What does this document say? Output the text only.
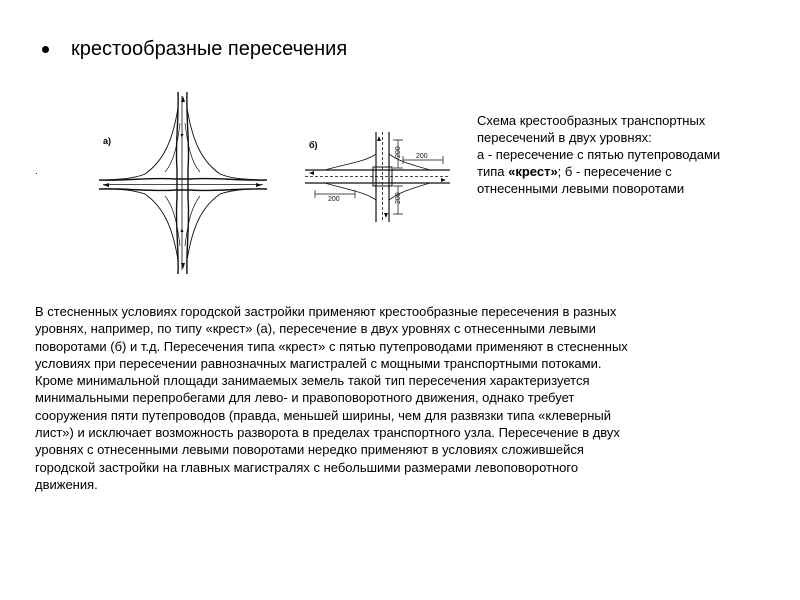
крестообразные пересечения
.
а)	б)
200
200
200
200
Схема крестообразных транспортных
пересечений в двух уровнях:
а - пересечение с пятью путепроводами
типа «крест»; б - пересечение с
отнесенными левыми поворотами
В стесненных условиях городской застройки применяют крестообразные пересечения в разных
уровнях, например, по типу «крест» (а), пересечение в двух уровнях с отнесенными левыми
поворотами (б) и т.д. Пересечения типа «крест» с пятью путепроводами применяют в стесненных
условиях при пересечении равнозначных магистралей с мощными транспортными потоками.
Кроме минимальной площади занимаемых земель такой тип пересечения характеризуется
минимальными перепробегами для лево- и правоповоротного движения, однако требует
сооружения пяти путепроводов (правда, меньшей ширины, чем для развязки типа «клеверный
лист») и исключает возможность разворота в пределах транспортного узла. Пересечение в двух
уровнях с отнесенными левыми поворотами нередко применяют в условиях сложившейся
городской застройки на главных магистралях с небольшими размерами левоповоротного
движения.
